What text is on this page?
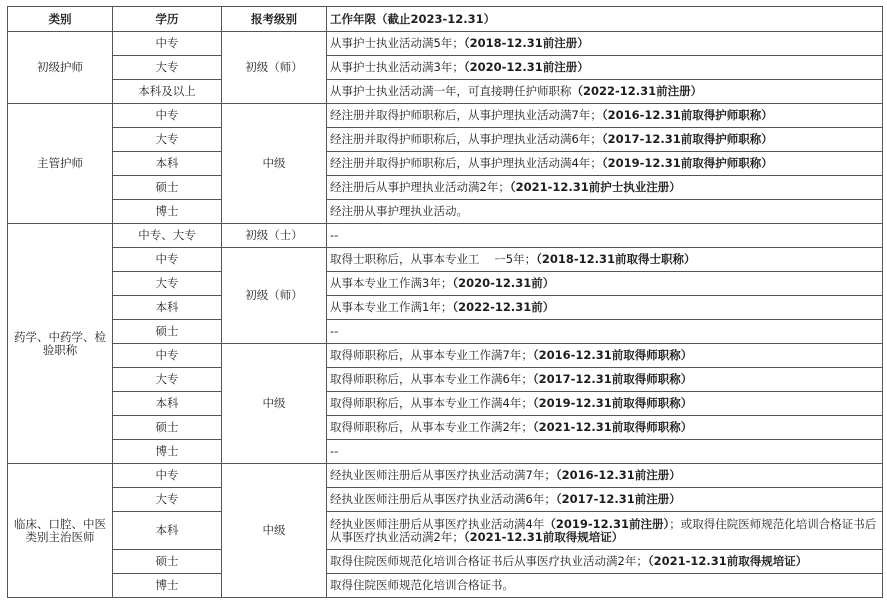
类别	学历	报考级别	工作年限（截止2023-12.31）
初级护师	中专	初级（师）	从事护士执业活动满5年；（2018-12.31前注册）
	大专		从事护士执业活动满3年；（2020-12.31前注册）
	本科及以上		从事护士执业活动满一年，可直接聘任护师职称（2022-12.31前注册）
主管护师	中专	中级	经注册并取得护师职称后，从事护理执业活动满7年；（2016-12.31前取得护师职称）
	大专		经注册并取得护师职称后，从事护理执业活动满6年；（2017-12.31前取得护师职称）
	本科		经注册并取得护师职称后，从事护理执业活动满4年；（2019-12.31前取得护师职称）
	硕士		经注册后从事护理执业活动满2年；（2021-12.31前护士执业注册）
	博士		经注册从事护理执业活动。
药学、中药学、检验职称	中专、大专	初级（士）	--
	中专	初级（师）	取得士职称后，从事本专业工　 ᅳ5年；（2018-12.31前取得士职称）
	大专		从事本专业工作满3年；（2020-12.31前）
	本科		从事本专业工作满1年；（2022-12.31前）
	硕士		--
	中专	中级	取得师职称后，从事本专业工作满7年；（2016-12.31前取得师职称）
	大专		取得师职称后，从事本专业工作满6年；（2017-12.31前取得师职称）
	本科		取得师职称后，从事本专业工作满4年；（2019-12.31前取得师职称）
	硕士		取得师职称后，从事本专业工作满2年；（2021-12.31前取得师职称）
	博士		--
临床、口腔、中医类别主治医师	中专	中级	经执业医师注册后从事医疗执业活动满7年；（2016-12.31前注册）
	大专		经执业医师注册后从事医疗执业活动满6年；（2017-12.31前注册）
	本科		经执业医师注册后从事医疗执业活动满4年（2019-12.31前注册）；或取得住院医师规范化培训合格证书后从事医疗执业活动满2年；（2021-12.31前取得规培证）
	硕士		取得住院医师规范化培训合格证书后从事医疗执业活动满2年；（2021-12.31前取得规培证）
	博士		取得住院医师规范化培训合格证书。
